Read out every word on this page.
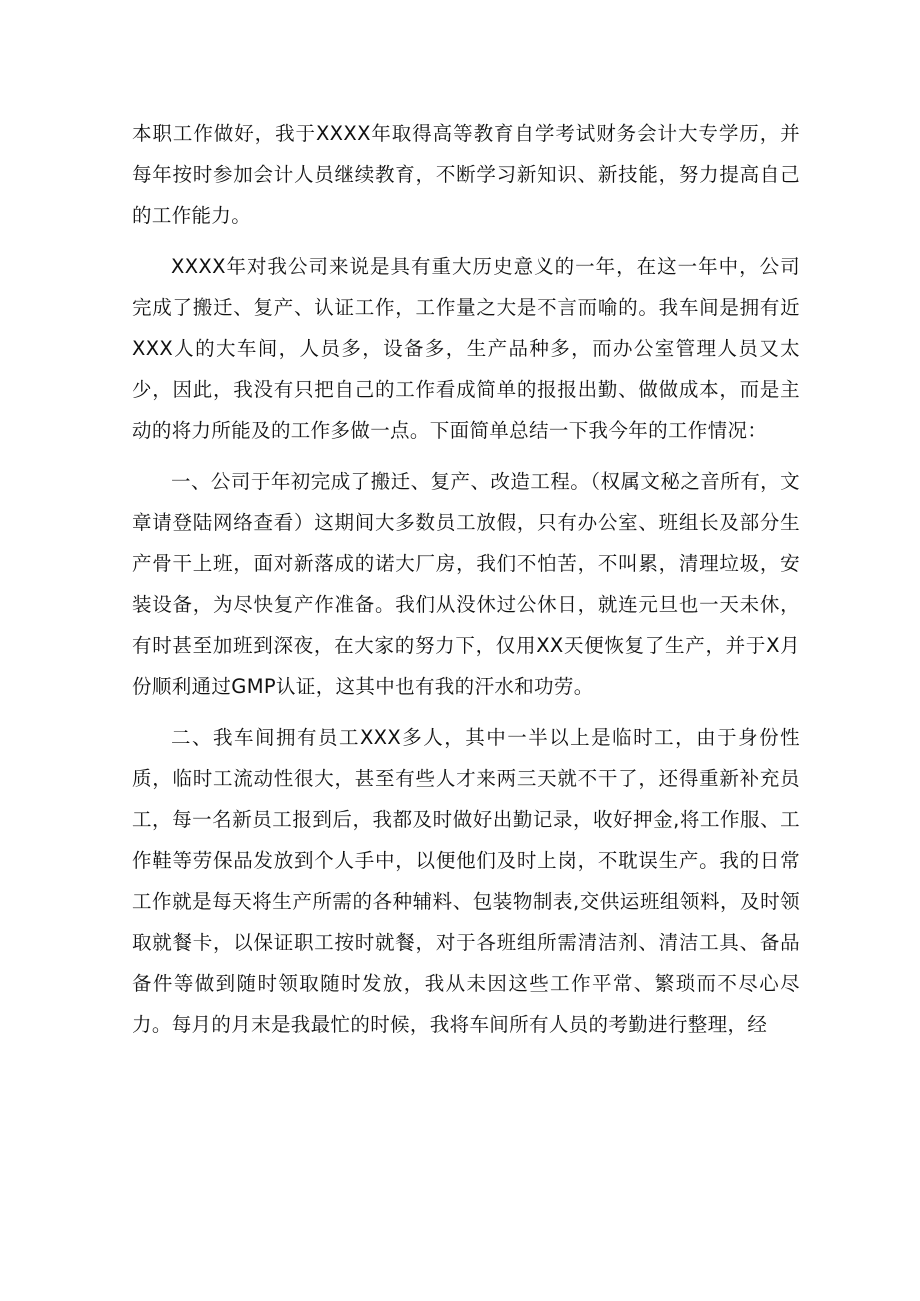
本职工作做好，我于XXXX年取得高等教育自学考试财务会计大专学历，并每年按时参加会计人员继续教育，不断学习新知识、新技能，努力提高自己的工作能力。

XXXX年对我公司来说是具有重大历史意义的一年，在这一年中，公司完成了搬迁、复产、认证工作，工作量之大是不言而喻的。我车间是拥有近XXX人的大车间，人员多，设备多，生产品种多，而办公室管理人员又太少，因此，我没有只把自己的工作看成简单的报报出勤、做做成本，而是主动的将力所能及的工作多做一点。下面简单总结一下我今年的工作情况：

一、公司于年初完成了搬迁、复产、改造工程。（权属文秘之音所有，文章请登陆网络查看）这期间大多数员工放假，只有办公室、班组长及部分生产骨干上班，面对新落成的诺大厂房，我们不怕苦，不叫累，清理垃圾，安装设备，为尽快复产作准备。我们从没休过公休日，就连元旦也一天未休，有时甚至加班到深夜，在大家的努力下，仅用XX天便恢复了生产，并于X月份顺利通过GMP认证，这其中也有我的汗水和功劳。

二、我车间拥有员工XXX多人，其中一半以上是临时工，由于身份性质，临时工流动性很大，甚至有些人才来两三天就不干了，还得重新补充员工，每一名新员工报到后，我都及时做好出勤记录，收好押金,将工作服、工作鞋等劳保品发放到个人手中，以便他们及时上岗，不耽误生产。我的日常工作就是每天将生产所需的各种辅料、包装物制表,交供运班组领料，及时领取就餐卡，以保证职工按时就餐，对于各班组所需清洁剂、清洁工具、备品备件等做到随时领取随时发放，我从未因这些工作平常、繁琐而不尽心尽力。每月的月末是我最忙的时候，我将车间所有人员的考勤进行整理，经
